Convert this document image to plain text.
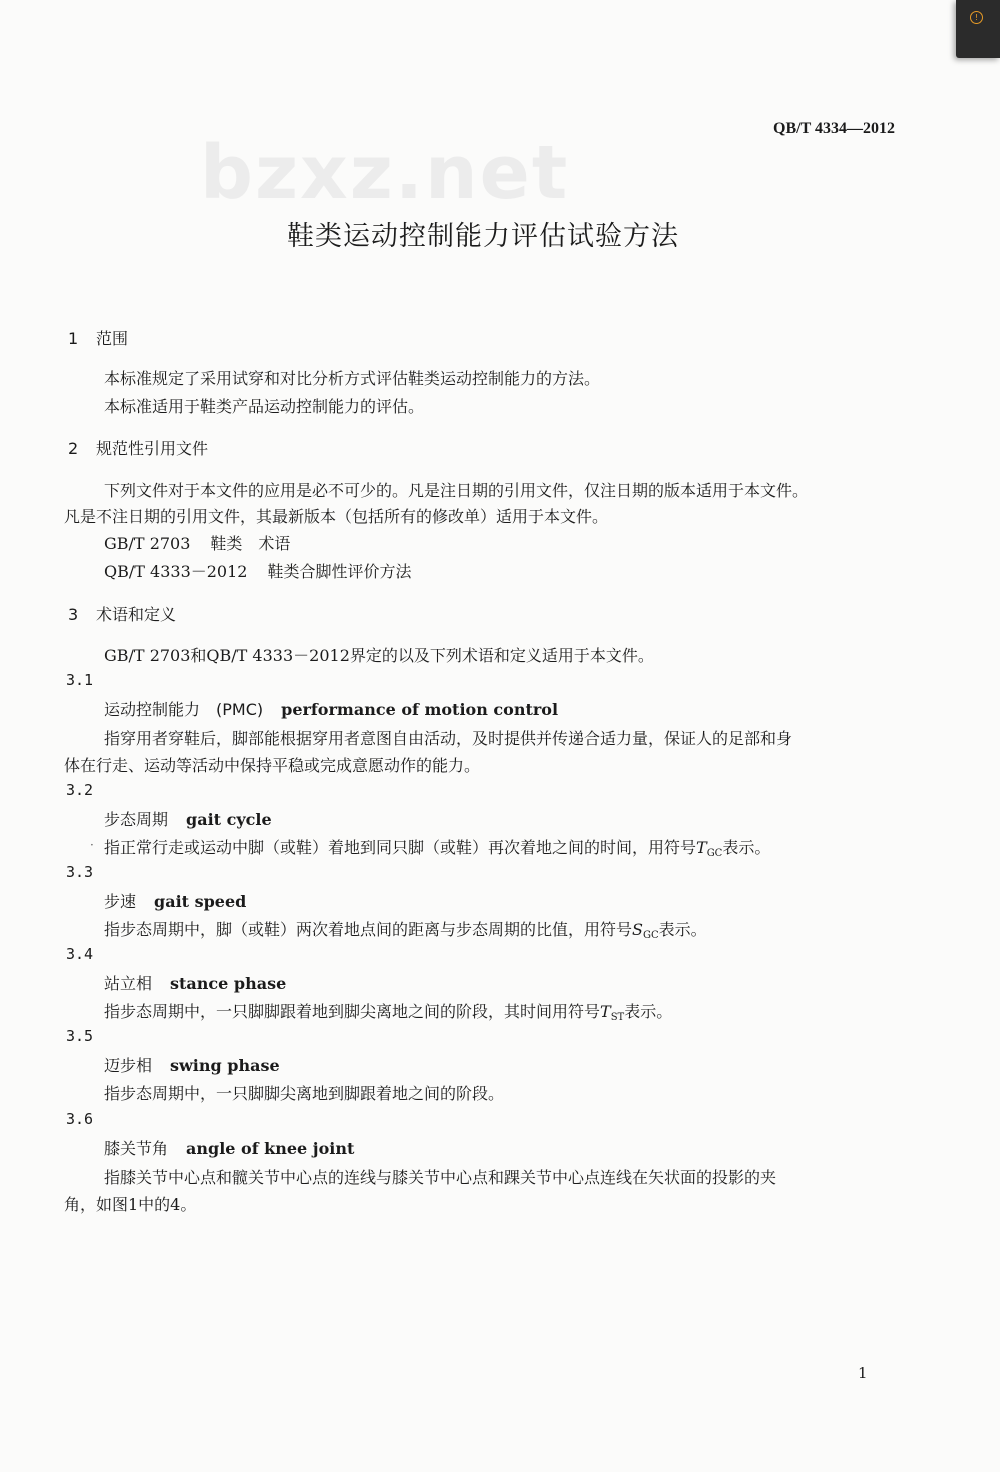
!
QB/T 4334—2012
bzxz.net
鞋类运动控制能力评估试验方法
1 范围
本标准规定了采用试穿和对比分析方式评估鞋类运动控制能力的方法。
本标准适用于鞋类产品运动控制能力的评估。
2 规范性引用文件
下列文件对于本文件的应用是必不可少的。凡是注日期的引用文件，仅注日期的版本适用于本文件。
凡是不注日期的引用文件，其最新版本（包括所有的修改单）适用于本文件。
GB/T 2703 鞋类　术语
QB/T 4333－2012 鞋类合脚性评价方法
3 术语和定义
GB/T 2703和QB/T 4333－2012界定的以及下列术语和定义适用于本文件。
3.1
运动控制能力　(PMC) performance of motion control
指穿用者穿鞋后，脚部能根据穿用者意图自由活动，及时提供并传递合适力量，保证人的足部和身
体在行走、运动等活动中保持平稳或完成意愿动作的能力。
3.2
步态周期 gait cycle
· 指正常行走或运动中脚（或鞋）着地到同只脚（或鞋）再次着地之间的时间，用符号$T_{GC}$表示。
3.3
步速 gait speed
指步态周期中，脚（或鞋）两次着地点间的距离与步态周期的比值，用符号$S_{GC}$表示。
3.4
站立相 stance phase
指步态周期中，一只脚脚跟着地到脚尖离地之间的阶段，其时间用符号$T_{ST}$表示。
3.5
迈步相 swing phase
指步态周期中，一只脚脚尖离地到脚跟着地之间的阶段。
3.6
膝关节角 angle of knee joint
指膝关节中心点和髋关节中心点的连线与膝关节中心点和踝关节中心点连线在矢状面的投影的夹
角，如图1中的4。
1
